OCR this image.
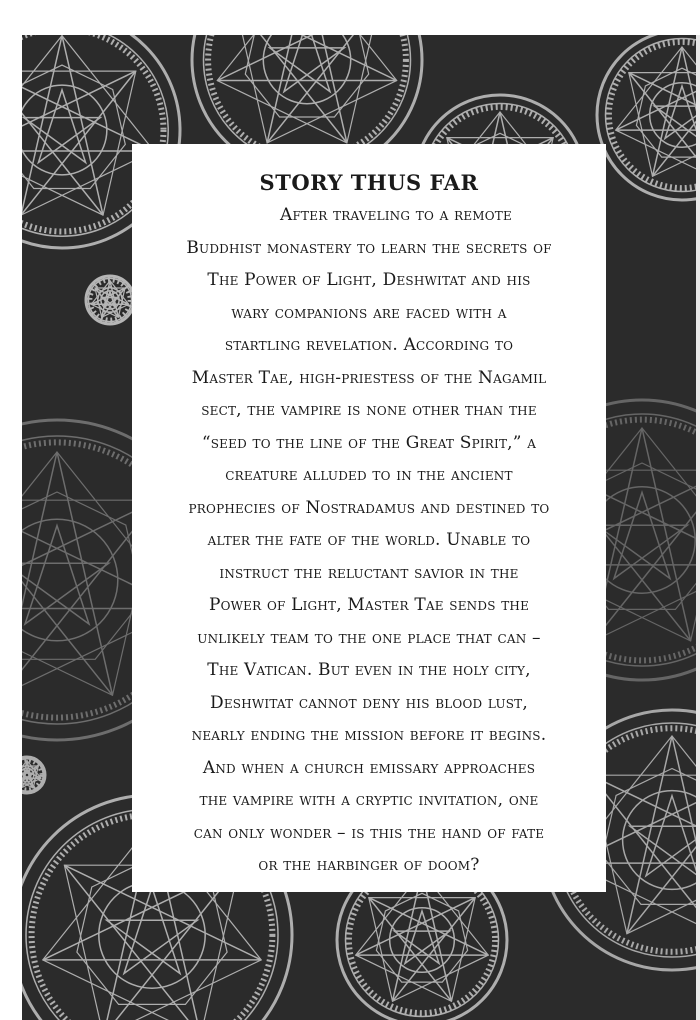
STORY THUS FAR
After traveling to a remote
Buddhist monastery to learn the secrets of
The Power of Light, Deshwitat and his
wary companions are faced with a
startling revelation. According to
Master Tae, high-priestess of the Nagamil
sect, the vampire is none other than the
“seed to the line of the Great Spirit,” a
creature alluded to in the ancient
prophecies of Nostradamus and destined to
alter the fate of the world. Unable to
instruct the reluctant savior in the
Power of Light, Master Tae sends the
unlikely team to the one place that can –
The Vatican. But even in the holy city,
Deshwitat cannot deny his blood lust,
nearly ending the mission before it begins.
And when a church emissary approaches
the vampire with a cryptic invitation, one
can only wonder – is this the hand of fate
or the harbinger of doom?
